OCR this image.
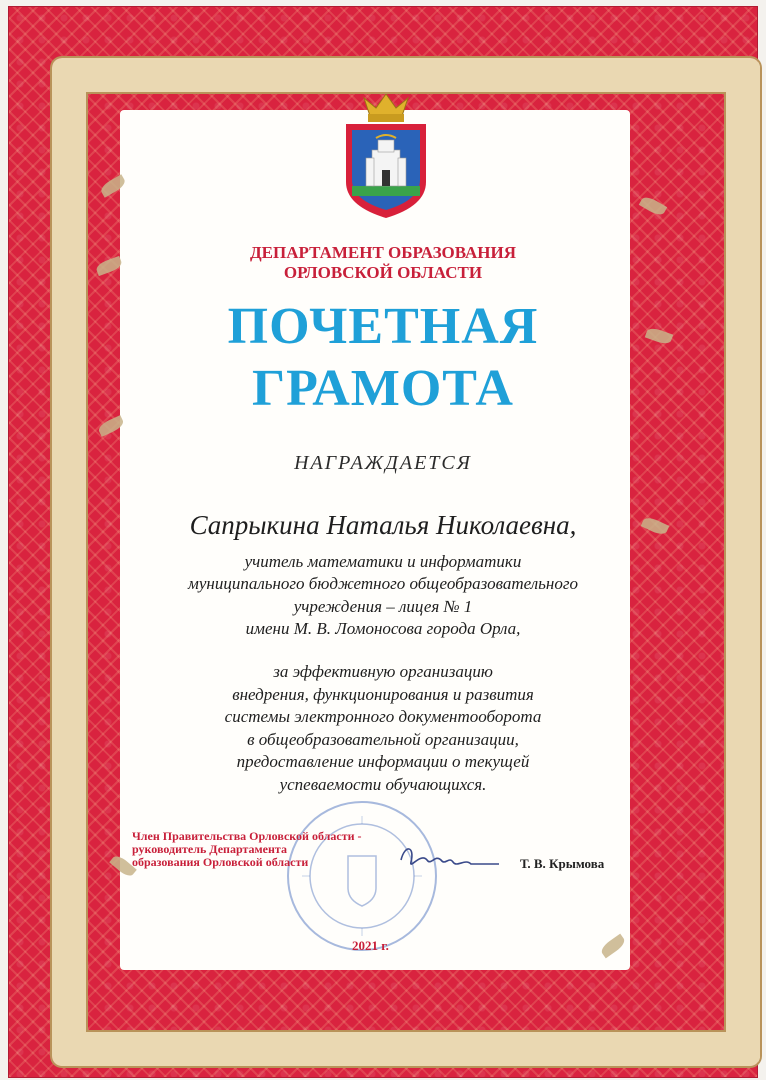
ДЕПАРТАМЕНТ ОБРАЗОВАНИЯ
ОРЛОВСКОЙ ОБЛАСТИ
ПОЧЕТНАЯ
ГРАМОТА
НАГРАЖДАЕТСЯ
Сапрыкина Наталья Николаевна,
учитель математики и информатики
муниципального бюджетного общеобразовательного
учреждения – лицея № 1
имени М. В. Ломоносова города Орла,
за эффективную организацию
внедрения, функционирования и развития
системы электронного документооборота
в общеобразовательной организации,
предоставление информации о текущей
успеваемости обучающихся.
Член Правительства Орловской области -
руководитель Департамента
образования Орловской области	Т. В. Крымова
2021 г.
